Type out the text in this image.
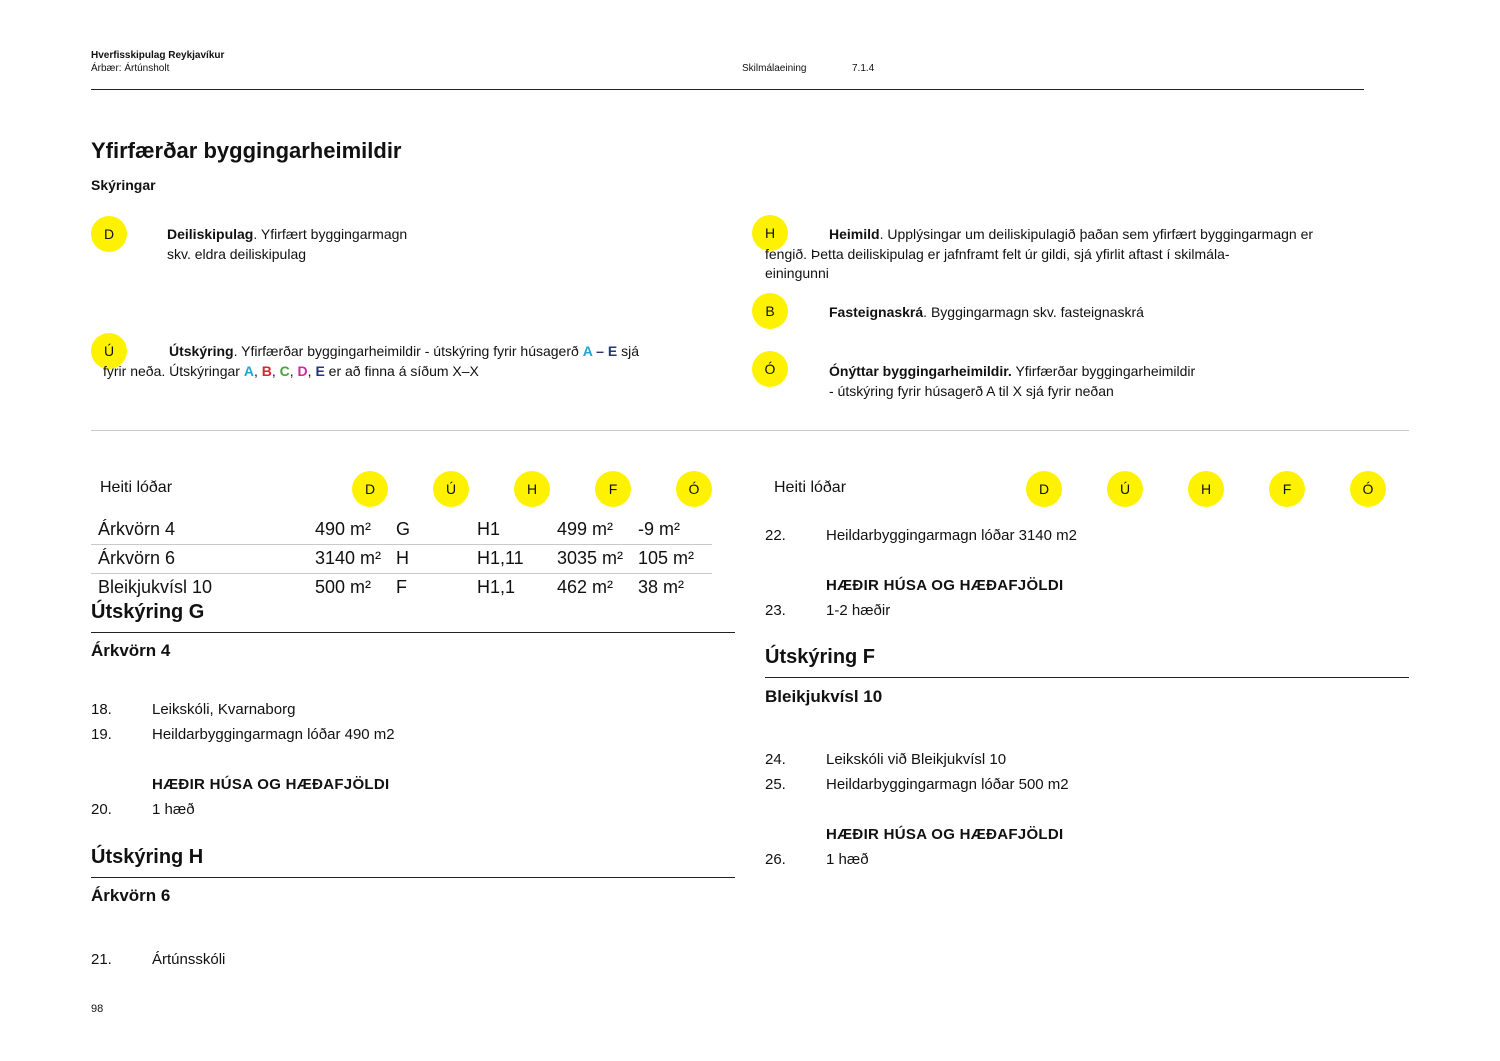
Hverfisskipulag Reykjavíkur
Árbær: Ártúnsholt	Skilmálaeining	7.1.4
Yfirfærðar byggingarheimildir
Skýringar
D	Deiliskipulag. Yfirfært byggingarmagn
skv. eldra deiliskipulag
H	Heimild. Upplýsingar um deiliskipulagið þaðan sem yfirfært byggingarmagn er
fengið. Þetta deiliskipulag er jafnframt felt úr gildi, sjá yfirlit aftast í skilmála-
einingunni
B	Fasteignaskrá. Byggingarmagn skv. fasteignaskrá
Ú	Útskýring. Yfirfærðar byggingarheimildir - útskýring fyrir húsagerð A – E sjá
fyrir neða. Útskýringar A, B, C, D, E er að finna á síðum X–X	Ó	Ónýttar byggingarheimildir. Yfirfærðar byggingarheimildir
- útskýring fyrir húsagerð A til X sjá fyrir neðan
Heiti lóðar	D	Ú	H	F	Ó
Árkvörn 4	490 m² G	H1	499 m² -9 m²
Árkvörn 6	3140 m² H	H1,11 3035 m² 105 m²
Bleikjukvísl 10	500 m² F	H1,1 462 m² 38 m²
Útskýring G
Árkvörn 4
18.	Leikskóli, Kvarnaborg
19.	Heildarbyggingarmagn lóðar 490 m2
HÆÐIR HÚSA OG HÆÐAFJÖLDI
20.	1 hæð
Útskýring H
Árkvörn 6
21.	Ártúnsskóli
Heiti lóðar	D	Ú	H	F	Ó
22.	Heildarbyggingarmagn lóðar 3140 m2
HÆÐIR HÚSA OG HÆÐAFJÖLDI
23.	1-2 hæðir
Útskýring F
Bleikjukvísl 10
24.	Leikskóli við Bleikjukvísl 10
25.	Heildarbyggingarmagn lóðar 500 m2
HÆÐIR HÚSA OG HÆÐAFJÖLDI
26.	1 hæð
98
